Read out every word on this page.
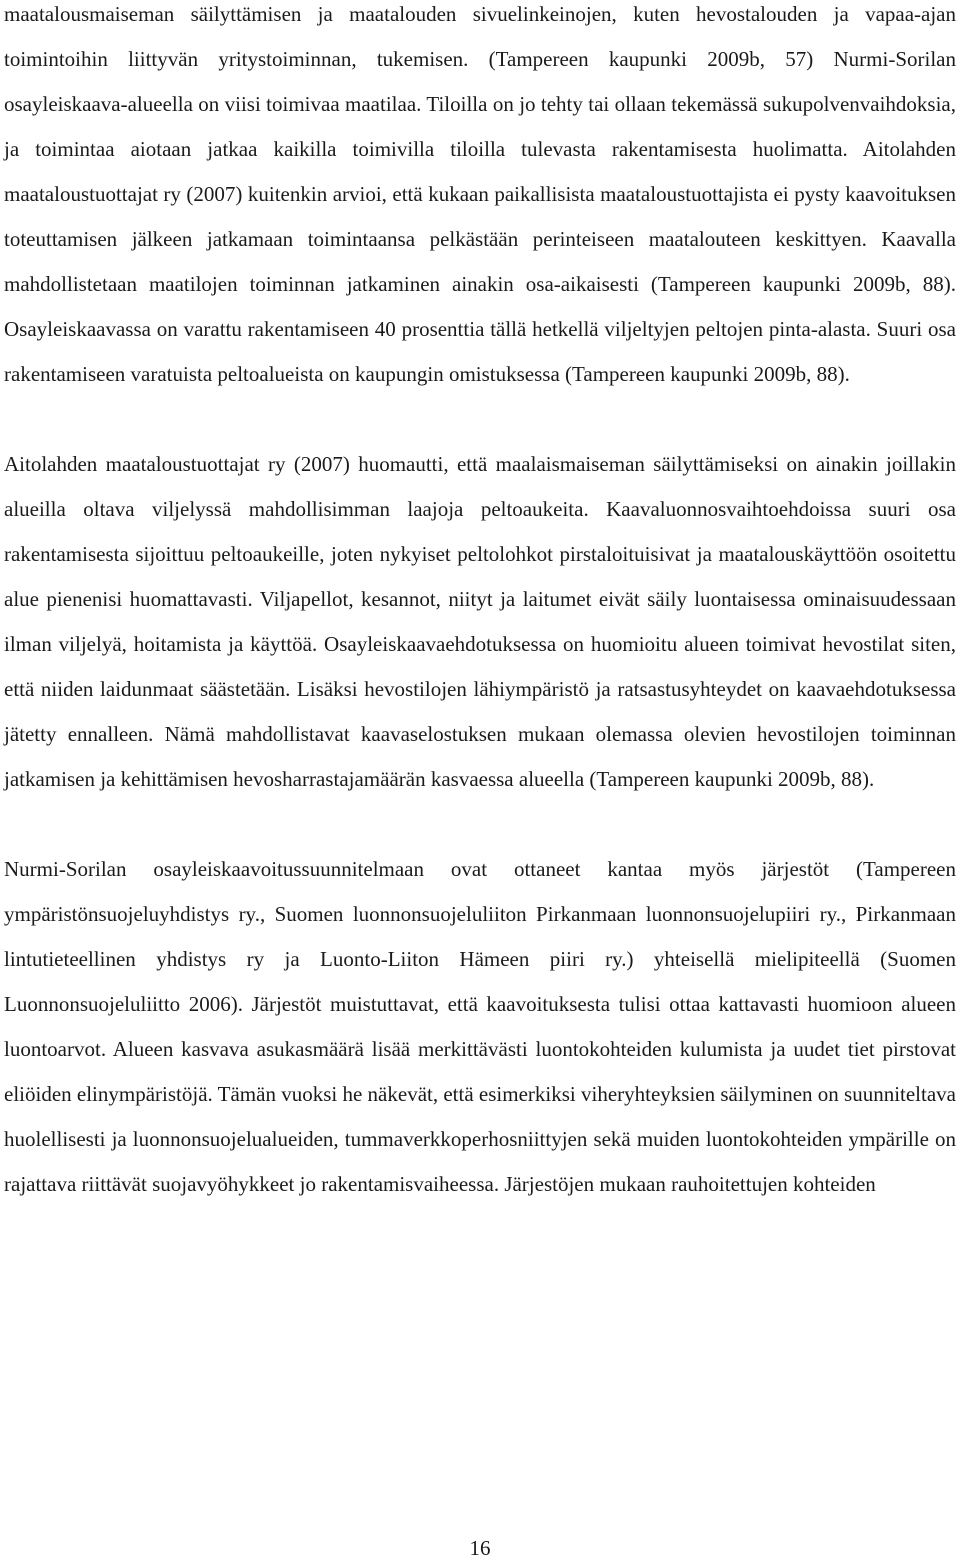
maatalousmaiseman säilyttämisen ja maatalouden sivuelinkeinojen, kuten hevostalouden ja vapaa-ajan toimintoihin liittyvän yritystoiminnan, tukemisen. (Tampereen kaupunki 2009b, 57) Nurmi-Sorilan osayleiskaava-alueella on viisi toimivaa maatilaa. Tiloilla on jo tehty tai ollaan tekemässä sukupolvenvaihdoksia, ja toimintaa aiotaan jatkaa kaikilla toimivilla tiloilla tulevasta rakentamisesta huolimatta. Aitolahden maataloustuottajat ry (2007) kuitenkin arvioi, että kukaan paikallisista maataloustuottajista ei pysty kaavoituksen toteuttamisen jälkeen jatkamaan toimintaansa pelkästään perinteiseen maatalouteen keskittyen. Kaavalla mahdollistetaan maatilojen toiminnan jatkaminen ainakin osa-aikaisesti (Tampereen kaupunki 2009b, 88). Osayleiskaavassa on varattu rakentamiseen 40 prosenttia tällä hetkellä viljeltyjen peltojen pinta-alasta. Suuri osa rakentamiseen varatuista peltoalueista on kaupungin omistuksessa (Tampereen kaupunki 2009b, 88).

Aitolahden maataloustuottajat ry (2007) huomautti, että maalaismaiseman säilyttämiseksi on ainakin joillakin alueilla oltava viljelyssä mahdollisimman laajoja peltoaukeita. Kaavaluonnosvaihtoehdoissa suuri osa rakentamisesta sijoittuu peltoaukeille, joten nykyiset peltolohkot pirstaloituisivat ja maatalouskäyttöön osoitettu alue pienenisi huomattavasti. Viljapellot, kesannot, niityt ja laitumet eivät säily luontaisessa ominaisuudessaan ilman viljelyä, hoitamista ja käyttöä. Osayleiskaavaehdotuksessa on huomioitu alueen toimivat hevostilat siten, että niiden laidunmaat säästetään. Lisäksi hevostilojen lähiympäristö ja ratsastusyhteydet on kaavaehdotuksessa jätetty ennalleen. Nämä mahdollistavat kaavaselostuksen mukaan olemassa olevien hevostilojen toiminnan jatkamisen ja kehittämisen hevosharrastajamäärän kasvaessa alueella (Tampereen kaupunki 2009b, 88).

Nurmi-Sorilan osayleiskaavoitussuunnitelmaan ovat ottaneet kantaa myös järjestöt (Tampereen ympäristönsuojeluyhdistys ry., Suomen luonnonsuojeluliiton Pirkanmaan luonnonsuojelupiiri ry., Pirkanmaan lintutieteellinen yhdistys ry ja Luonto-Liiton Hämeen piiri ry.) yhteisellä mielipiteellä (Suomen Luonnonsuojeluliitto 2006). Järjestöt muistuttavat, että kaavoituksesta tulisi ottaa kattavasti huomioon alueen luontoarvot. Alueen kasvava asukasmäärä lisää merkittävästi luontokohteiden kulumista ja uudet tiet pirstovat eliöiden elinympäristöjä. Tämän vuoksi he näkevät, että esimerkiksi viheryhteyksien säilyminen on suunniteltava huolellisesti ja luonnonsuojelualueiden, tummaverkkoperhosniittyjen sekä muiden luontokohteiden ympärille on rajattava riittävät suojavyöhykkeet jo rakentamisvaiheessa. Järjestöjen mukaan rauhoitettujen kohteiden

16
